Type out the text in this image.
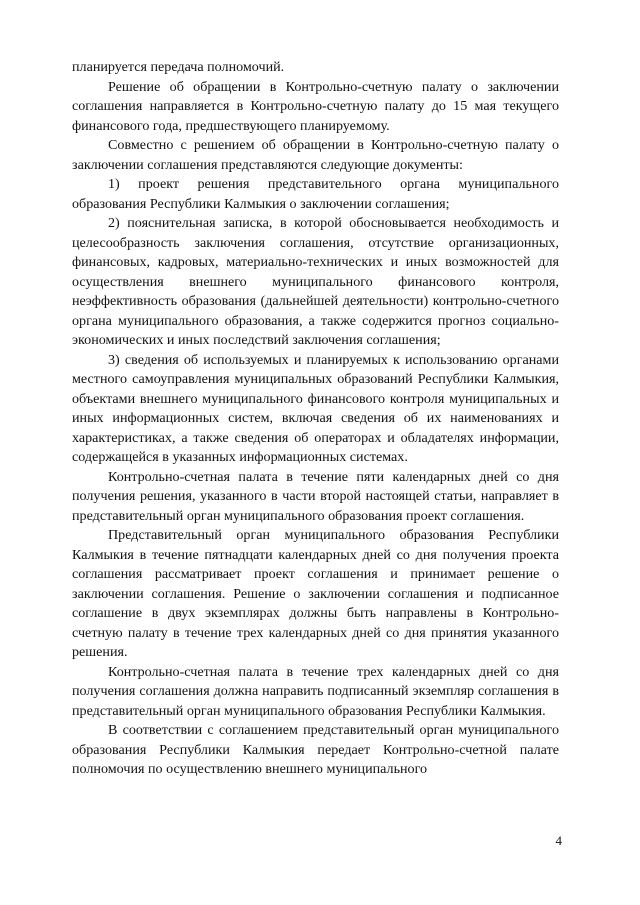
планируется передача полномочий.

Решение об обращении в Контрольно-счетную палату о заключении соглашения направляется в Контрольно-счетную палату до 15 мая текущего финансового года, предшествующего планируемому.

Совместно с решением об обращении в Контрольно-счетную палату о заключении соглашения представляются следующие документы:

1) проект решения представительного органа муниципального образования Республики Калмыкия о заключении соглашения;

2) пояснительная записка, в которой обосновывается необходимость и целесообразность заключения соглашения, отсутствие организационных, финансовых, кадровых, материально-технических и иных возможностей для осуществления внешнего муниципального финансового контроля, неэффективность образования (дальнейшей деятельности) контрольно-счетного органа муниципального образования, а также содержится прогноз социально-экономических и иных последствий заключения соглашения;

3) сведения об используемых и планируемых к использованию органами местного самоуправления муниципальных образований Республики Калмыкия, объектами внешнего муниципального финансового контроля муниципальных и иных информационных систем, включая сведения об их наименованиях и характеристиках, а также сведения об операторах и обладателях информации, содержащейся в указанных информационных системах.

Контрольно-счетная палата в течение пяти календарных дней со дня получения решения, указанного в части второй настоящей статьи, направляет в представительный орган муниципального образования проект соглашения.

Представительный орган муниципального образования Республики Калмыкия в течение пятнадцати календарных дней со дня получения проекта соглашения рассматривает проект соглашения и принимает решение о заключении соглашения. Решение о заключении соглашения и подписанное соглашение в двух экземплярах должны быть направлены в Контрольно-счетную палату в течение трех календарных дней со дня принятия указанного решения.

Контрольно-счетная палата в течение трех календарных дней со дня получения соглашения должна направить подписанный экземпляр соглашения в представительный орган муниципального образования Республики Калмыкия.

В соответствии с соглашением представительный орган муниципального образования Республики Калмыкия передает Контрольно-счетной палате полномочия по осуществлению внешнего муниципального

4
